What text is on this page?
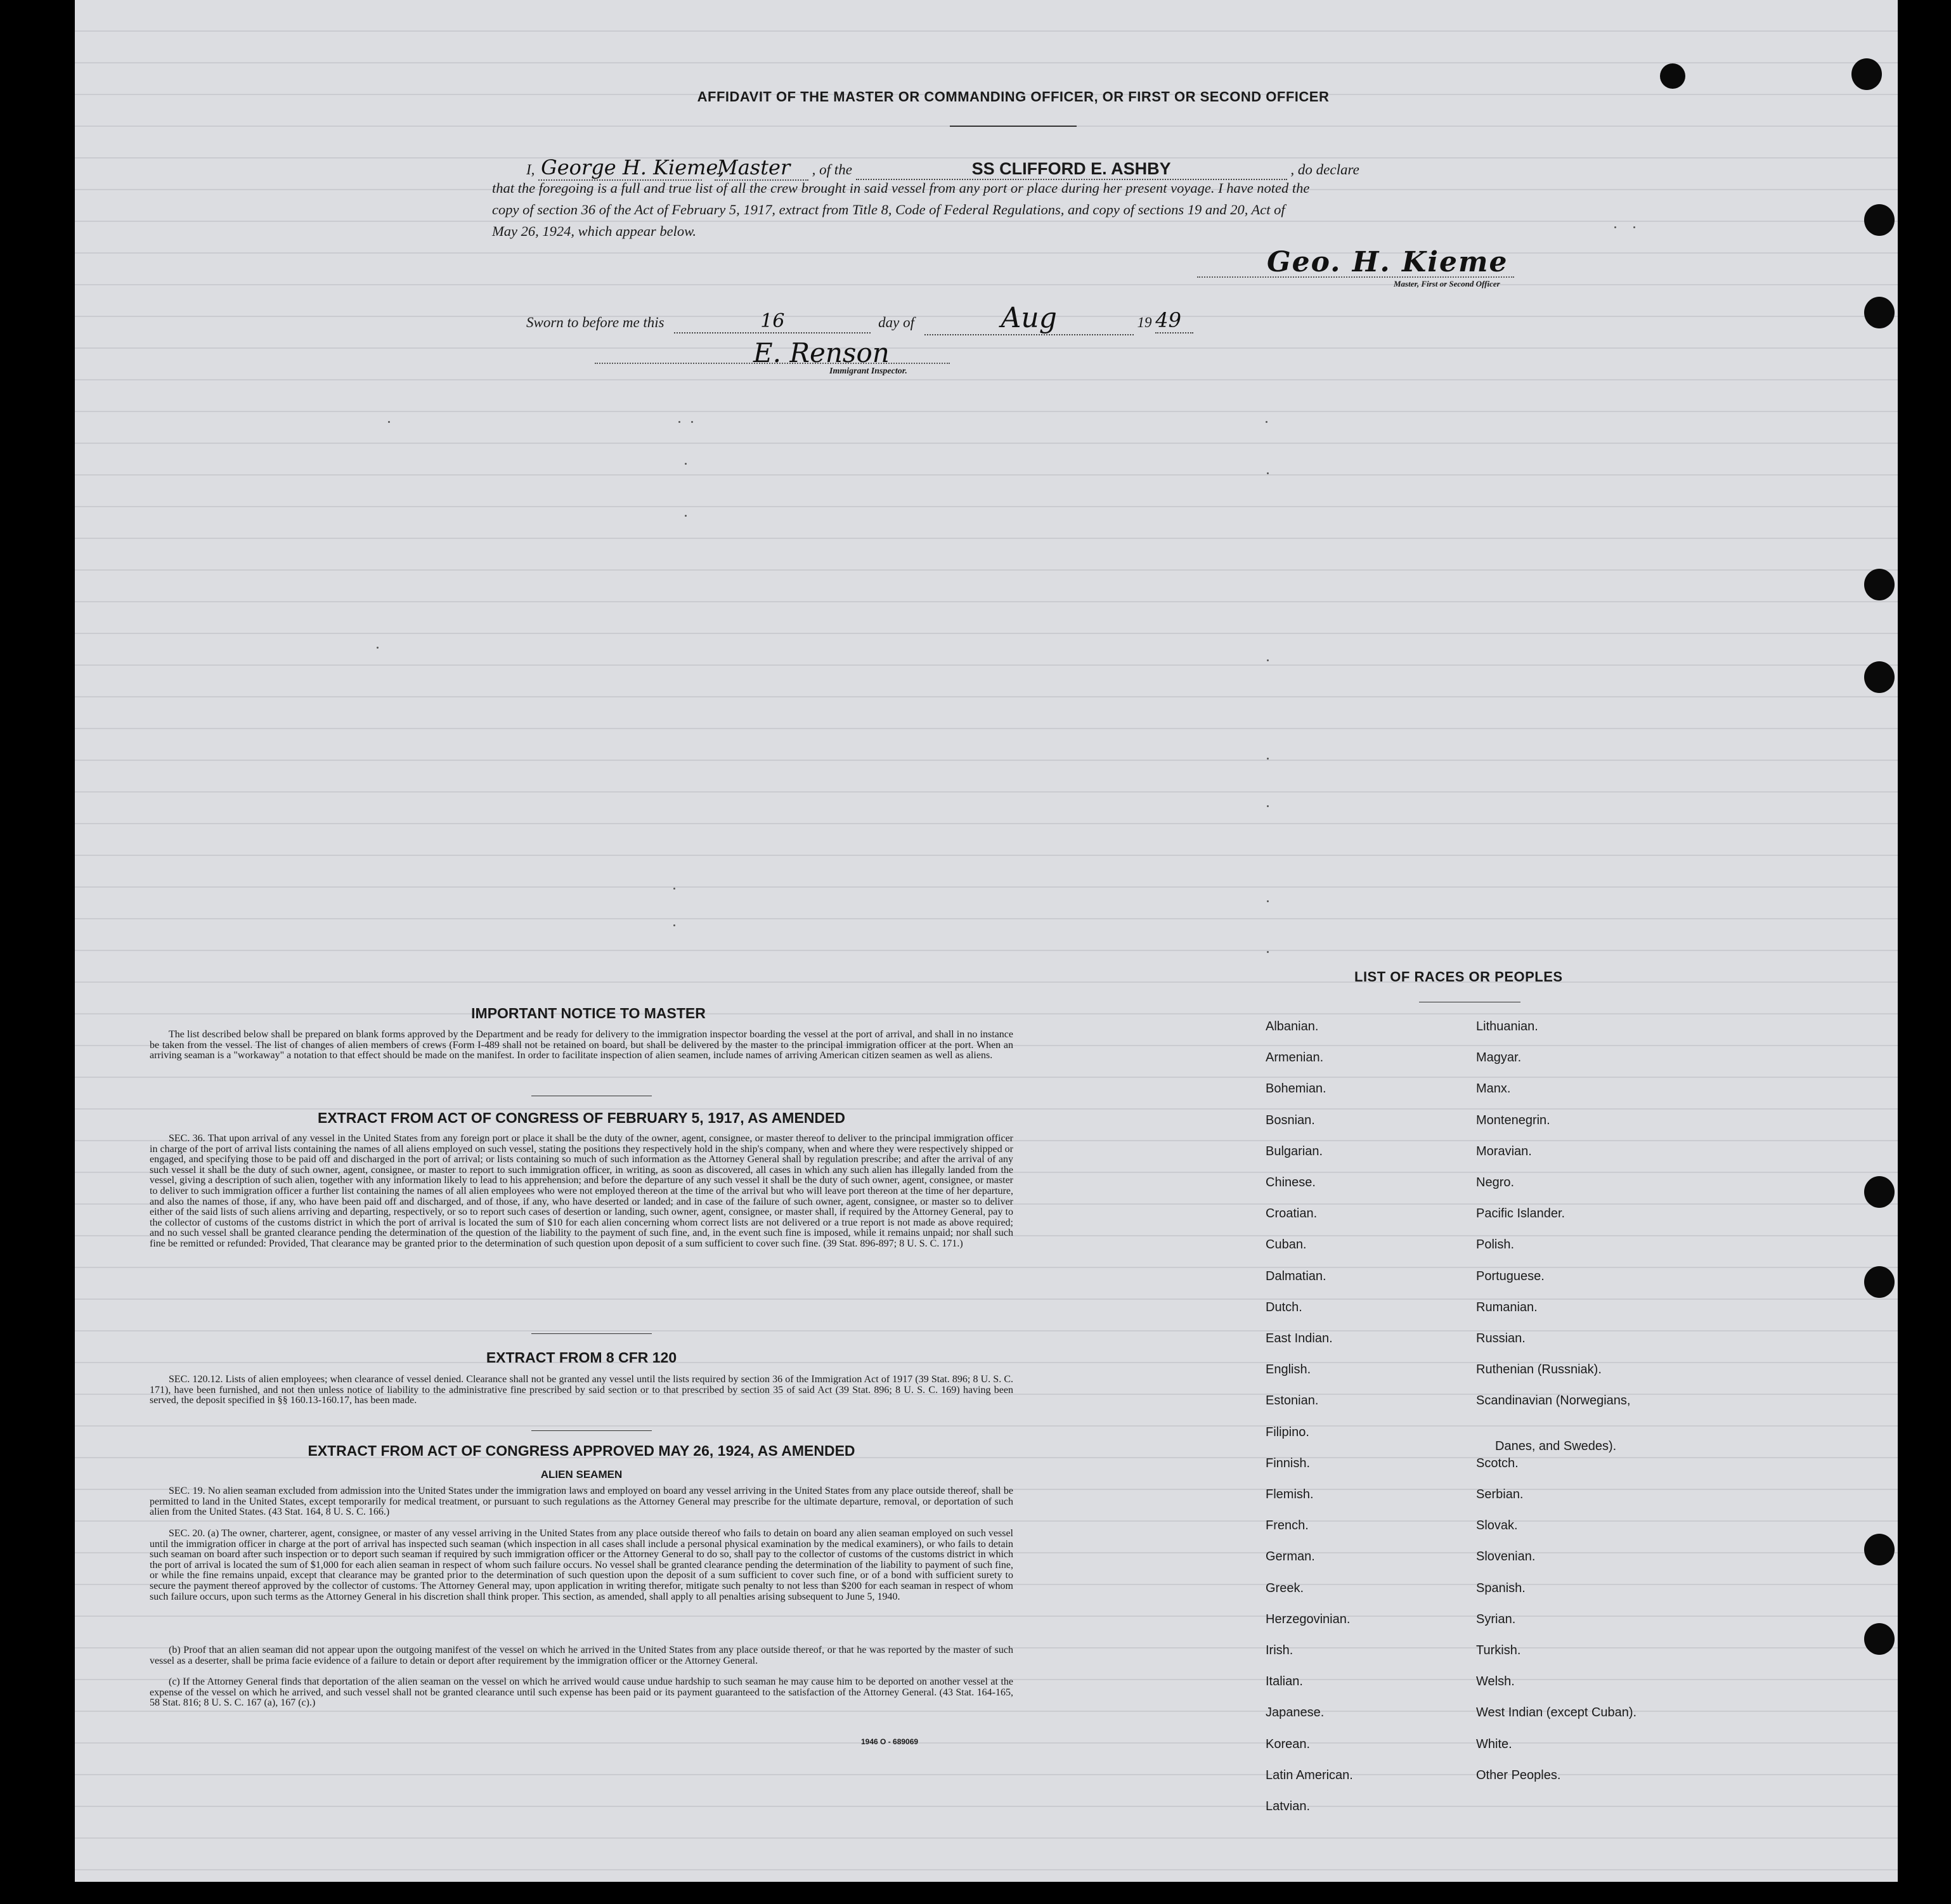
AFFIDAVIT OF THE MASTER OR COMMANDING OFFICER, OR FIRST OR SECOND OFFICER
I, George H. Kieme, Master , of the	SS CLIFFORD E. ASHBY	, do declare
that the foregoing is a full and true list of all the crew brought in said vessel from any port or place during her present voyage. I have noted the
copy of section 36 of the Act of February 5, 1917, extract from Title 8, Code of Federal Regulations, and copy of sections 19 and 20, Act of
May 26, 1924, which appear below.
Geo. H. Kieme
Master, First or Second Officer
Sworn to before me this	16	day of	Aug	19 49
E. Renson
Immigrant Inspector.
IMPORTANT NOTICE TO MASTER
The list described below shall be prepared on blank forms approved by the Department and be ready for delivery to the immigration inspector boarding the vessel at the port of arrival, and shall in no instance be taken from the vessel. The list of changes of alien members of crews (Form I-489 shall not be retained on board, but shall be delivered by the master to the principal immigration officer at the port. When an arriving seaman is a "workaway" a notation to that effect should be made on the manifest. In order to facilitate inspection of alien seamen, include names of arriving American citizen seamen as well as aliens.
EXTRACT FROM ACT OF CONGRESS OF FEBRUARY 5, 1917, AS AMENDED
SEC. 36. That upon arrival of any vessel in the United States from any foreign port or place it shall be the duty of the owner, agent, consignee, or master thereof to deliver to the principal immigration officer in charge of the port of arrival lists containing the names of all aliens employed on such vessel, stating the positions they respectively hold in the ship's company, when and where they were respectively shipped or engaged, and specifying those to be paid off and discharged in the port of arrival; or lists containing so much of such information as the Attorney General shall by regulation prescribe; and after the arrival of any such vessel it shall be the duty of such owner, agent, consignee, or master to report to such immigration officer, in writing, as soon as discovered, all cases in which any such alien has illegally landed from the vessel, giving a description of such alien, together with any information likely to lead to his apprehension; and before the departure of any such vessel it shall be the duty of such owner, agent, consignee, or master to deliver to such immigration officer a further list containing the names of all alien employees who were not employed thereon at the time of the arrival but who will leave port thereon at the time of her departure, and also the names of those, if any, who have been paid off and discharged, and of those, if any, who have deserted or landed; and in case of the failure of such owner, agent, consignee, or master so to deliver either of the said lists of such aliens arriving and departing, respectively, or so to report such cases of desertion or landing, such owner, agent, consignee, or master shall, if required by the Attorney General, pay to the collector of customs of the customs district in which the port of arrival is located the sum of $10 for each alien concerning whom correct lists are not delivered or a true report is not made as above required; and no such vessel shall be granted clearance pending the determination of the question of the liability to the payment of such fine, and, in the event such fine is imposed, while it remains unpaid; nor shall such fine be remitted or refunded: Provided, That clearance may be granted prior to the determination of such question upon deposit of a sum sufficient to cover such fine. (39 Stat. 896-897; 8 U. S. C. 171.)
EXTRACT FROM 8 CFR 120
SEC. 120.12. Lists of alien employees; when clearance of vessel denied. Clearance shall not be granted any vessel until the lists required by section 36 of the Immigration Act of 1917 (39 Stat. 896; 8 U. S. C. 171), have been furnished, and not then unless notice of liability to the administrative fine prescribed by said section or to that prescribed by section 35 of said Act (39 Stat. 896; 8 U. S. C. 169) having been served, the deposit specified in §§ 160.13-160.17, has been made.
EXTRACT FROM ACT OF CONGRESS APPROVED MAY 26, 1924, AS AMENDED
ALIEN SEAMEN
SEC. 19. No alien seaman excluded from admission into the United States under the immigration laws and employed on board any vessel arriving in the United States from any place outside thereof, shall be permitted to land in the United States, except temporarily for medical treatment, or pursuant to such regulations as the Attorney General may prescribe for the ultimate departure, removal, or deportation of such alien from the United States. (43 Stat. 164, 8 U. S. C. 166.)
SEC. 20. (a) The owner, charterer, agent, consignee, or master of any vessel arriving in the United States from any place outside thereof who fails to detain on board any alien seaman employed on such vessel until the immigration officer in charge at the port of arrival has inspected such seaman (which inspection in all cases shall include a personal physical examination by the medical examiners), or who fails to detain such seaman on board after such inspection or to deport such seaman if required by such immigration officer or the Attorney General to do so, shall pay to the collector of customs of the customs district in which the port of arrival is located the sum of $1,000 for each alien seaman in respect of whom such failure occurs. No vessel shall be granted clearance pending the determination of the liability to payment of such fine, or while the fine remains unpaid, except that clearance may be granted prior to the determination of such question upon the deposit of a sum sufficient to cover such fine, or of a bond with sufficient surety to secure the payment thereof approved by the collector of customs. The Attorney General may, upon application in writing therefor, mitigate such penalty to not less than $200 for each seaman in respect of whom such failure occurs, upon such terms as the Attorney General in his discretion shall think proper. This section, as amended, shall apply to all penalties arising subsequent to June 5, 1940.
(b) Proof that an alien seaman did not appear upon the outgoing manifest of the vessel on which he arrived in the United States from any place outside thereof, or that he was reported by the master of such vessel as a deserter, shall be prima facie evidence of a failure to detain or deport after requirement by the immigration officer or the Attorney General.
(c) If the Attorney General finds that deportation of the alien seaman on the vessel on which he arrived would cause undue hardship to such seaman he may cause him to be deported on another vessel at the expense of the vessel on which he arrived, and such vessel shall not be granted clearance until such expense has been paid or its payment guaranteed to the satisfaction of the Attorney General. (43 Stat. 164-165, 58 Stat. 816; 8 U. S. C. 167 (a), 167 (c).)
1946 O - 689069
LIST OF RACES OR PEOPLES
Albanian.
Armenian.
Bohemian.
Bosnian.
Bulgarian.
Chinese.
Croatian.
Cuban.
Dalmatian.
Dutch.
East Indian.
English.
Estonian.
Filipino.
Finnish.
Flemish.
French.
German.
Greek.
Herzegovinian.
Irish.
Italian.
Japanese.
Korean.
Latin American.
Latvian.
Lithuanian.
Magyar.
Manx.
Montenegrin.
Moravian.
Negro.
Pacific Islander.
Polish.
Portuguese.
Rumanian.
Russian.
Ruthenian (Russniak).
Scandinavian (Norwegians,
Danes, and Swedes).
Scotch.
Serbian.
Slovak.
Slovenian.
Spanish.
Syrian.
Turkish.
Welsh.
West Indian (except Cuban).
White.
Other Peoples.
